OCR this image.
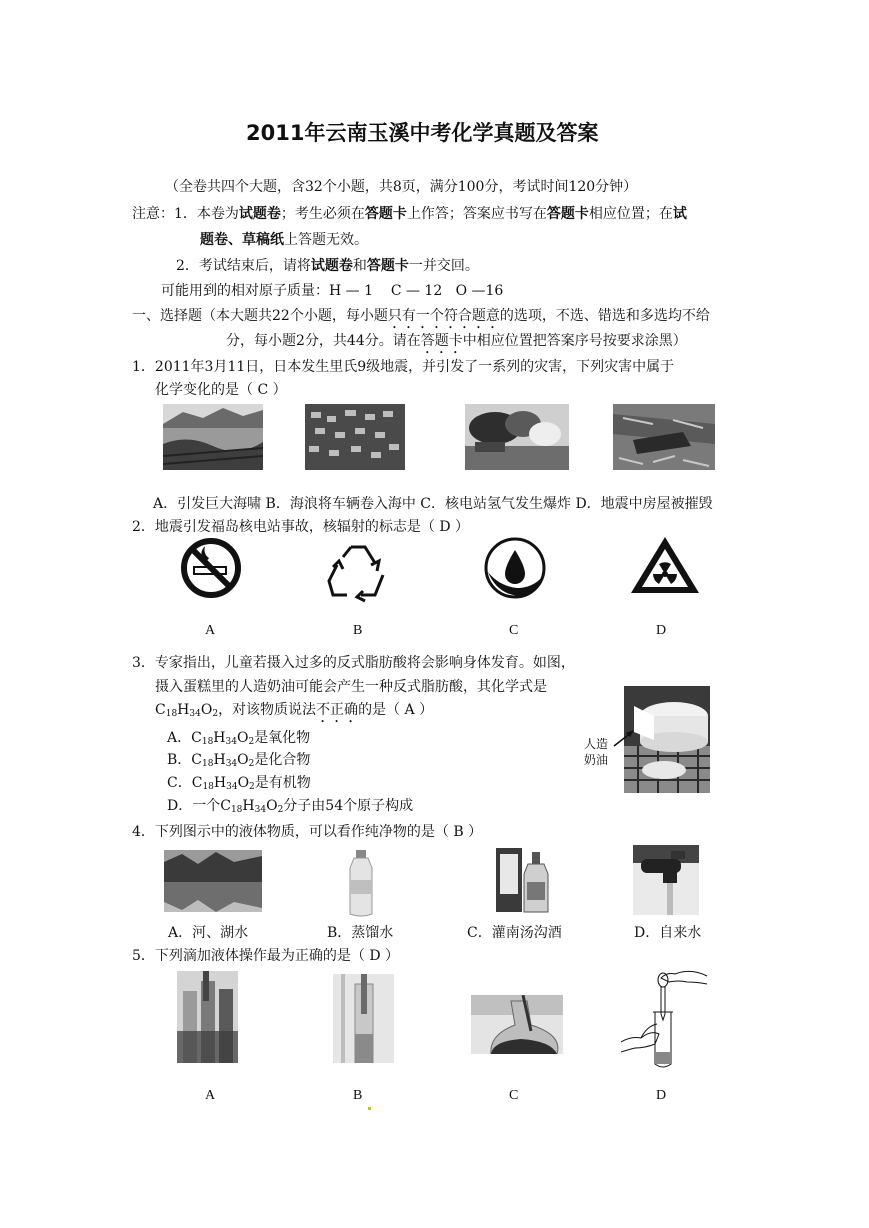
2011年云南玉溪中考化学真题及答案
（全卷共四个大题，含32个小题，共8页，满分100分，考试时间120分钟）
注意：1．本卷为试题卷；考生必须在答题卡上作答；答案应书写在答题卡相应位置；在试
题卷、草稿纸上答题无效。
2．考试结束后，请将试题卷和答题卡一并交回。
可能用到的相对原子质量：H — 1    C — 12   O —16
一、选择题（本大题共22个小题，每小题只有一个符合题意的选项，不选、错选和多选均不给
分，每小题2分，共44分。请在答题卡中相应位置把答案序号按要求涂黑）
1．2011年3月11日，日本发生里氏9级地震，并引发了一系列的灾害，下列灾害中属于
化学变化的是（ C ）
A．引发巨大海啸 B．海浪将车辆卷入海中 C．核电站氢气发生爆炸 D．地震中房屋被摧毁
2．地震引发福岛核电站事故，核辐射的标志是（ D ）
A	B	C	D
3．专家指出，儿童若摄入过多的反式脂肪酸将会影响身体发育。如图，
摄入蛋糕里的人造奶油可能会产生一种反式脂肪酸，其化学式是
$C_{18}H_{34}O_2$，对该物质说法不正确的是（ A ）
A．$C_{18}H_{34}O_2$是氧化物
B．$C_{18}H_{34}O_2$是化合物
C．$C_{18}H_{34}O_2$是有机物
D．一个$C_{18}H_{34}O_2$分子由54个原子构成
人造
奶油
4．下列图示中的液体物质，可以看作纯净物的是（ B ）
A．河、湖水	B．蒸馏水	C．灌南汤沟酒	D．自来水
5．下列滴加液体操作最为正确的是（ D ）
A	B	C	D
